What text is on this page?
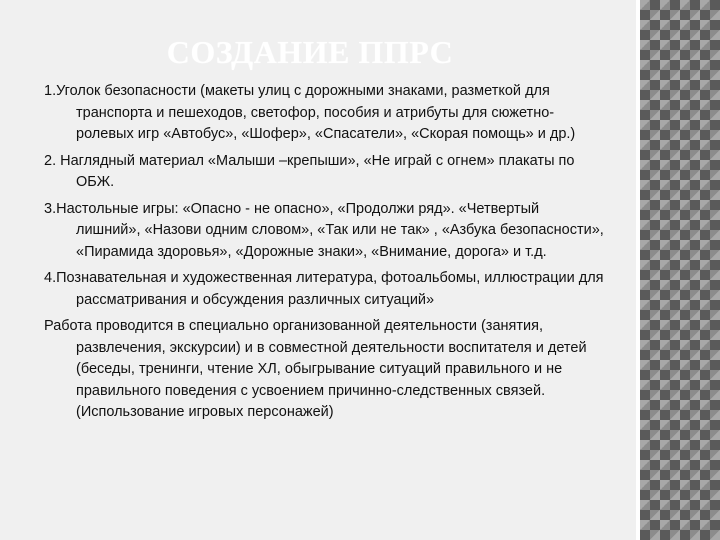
СОЗДАНИЕ ППРС

1.Уголок безопасности (макеты улиц с дорожными знаками, разметкой для транспорта и пешеходов, светофор, пособия и атрибуты для сюжетно-ролевых игр «Автобус», «Шофер», «Спасатели», «Скорая помощь» и др.)

2. Наглядный материал «Малыши –крепыши», «Не играй с огнем» плакаты по ОБЖ.

3.Настольные игры: «Опасно - не опасно», «Продолжи ряд». «Четвертый лишний», «Назови одним словом», «Так или не так» , «Азбука безопасности», «Пирамида здоровья», «Дорожные знаки», «Внимание, дорога» и т.д.

4.Познавательная и художественная литература, фотоальбомы, иллюстрации для рассматривания и обсуждения различных ситуаций»

Работа проводится в специально организованной деятельности (занятия, развлечения, экскурсии) и в совместной деятельности воспитателя и детей (беседы, тренинги, чтение ХЛ, обыгрывание ситуаций правильного и не правильного поведения с усвоением причинно-следственных связей. (Использование игровых персонажей)
